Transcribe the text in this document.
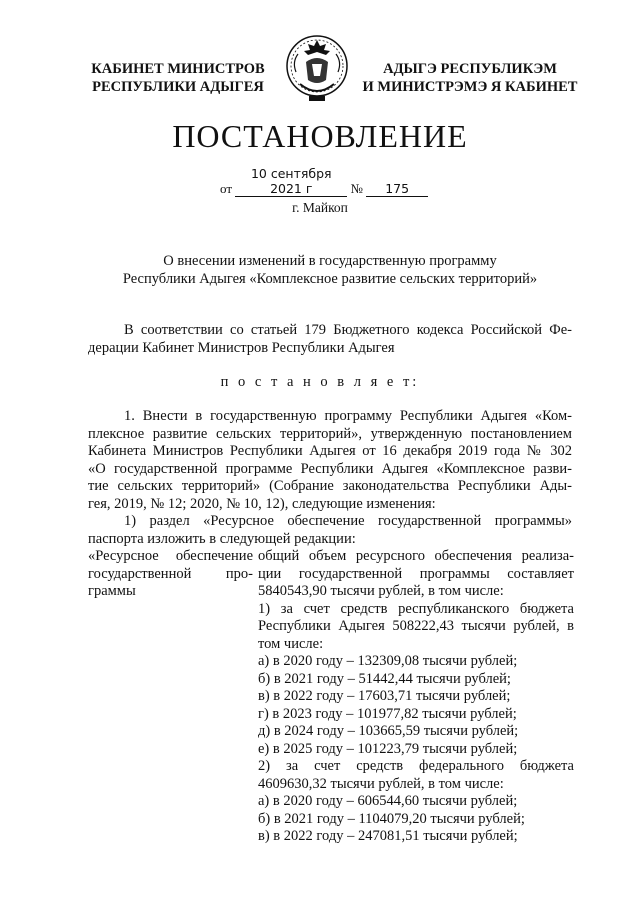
КАБИНЕТ МИНИСТРОВ
РЕСПУБЛИКИ АДЫГЕЯ
АДЫГЭ РЕСПУБЛИКЭМ
И МИНИСТРЭМЭ Я КАБИНЕТ
ПОСТАНОВЛЕНИЕ
от 10 сентября 2021 г	№ 175
г. Майкоп
О внесении изменений в государственную программу
Республики Адыгея «Комплексное развитие сельских территорий»
В соответствии со статьей 179 Бюджетного кодекса Российской Фе-
дерации Кабинет Министров Республики Адыгея
п о с т а н о в л я е т:
1. Внести в государственную программу Республики Адыгея «Ком-
плексное развитие сельских территорий», утвержденную постановлением
Кабинета Министров Республики Адыгея от 16 декабря 2019 года № 302
«О государственной программе Республики Адыгея «Комплексное разви-
тие сельских территорий» (Собрание законодательства Республики Ады-
гея, 2019, № 12; 2020, № 10, 12), следующие изменения:
1) раздел «Ресурсное обеспечение государственной программы»
паспорта изложить в следующей редакции:
«Ресурсное обеспечение
государственной про-
граммы
общий объем ресурсного обеспечения реализа-
ции государственной программы составляет
5840543,90 тысячи рублей, в том числе:
1) за счет средств республиканского бюджета
Республики Адыгея 508222,43 тысячи рублей, в
том числе:
а) в 2020 году – 132309,08 тысячи рублей;
б) в 2021 году – 51442,44 тысячи рублей;
в) в 2022 году – 17603,71 тысячи рублей;
г) в 2023 году – 101977,82 тысячи рублей;
д) в 2024 году – 103665,59 тысячи рублей;
е) в 2025 году – 101223,79 тысячи рублей;
2) за счет средств федерального бюджета
4609630,32 тысячи рублей, в том числе:
а) в 2020 году – 606544,60 тысячи рублей;
б) в 2021 году – 1104079,20 тысячи рублей;
в) в 2022 году – 247081,51 тысячи рублей;
